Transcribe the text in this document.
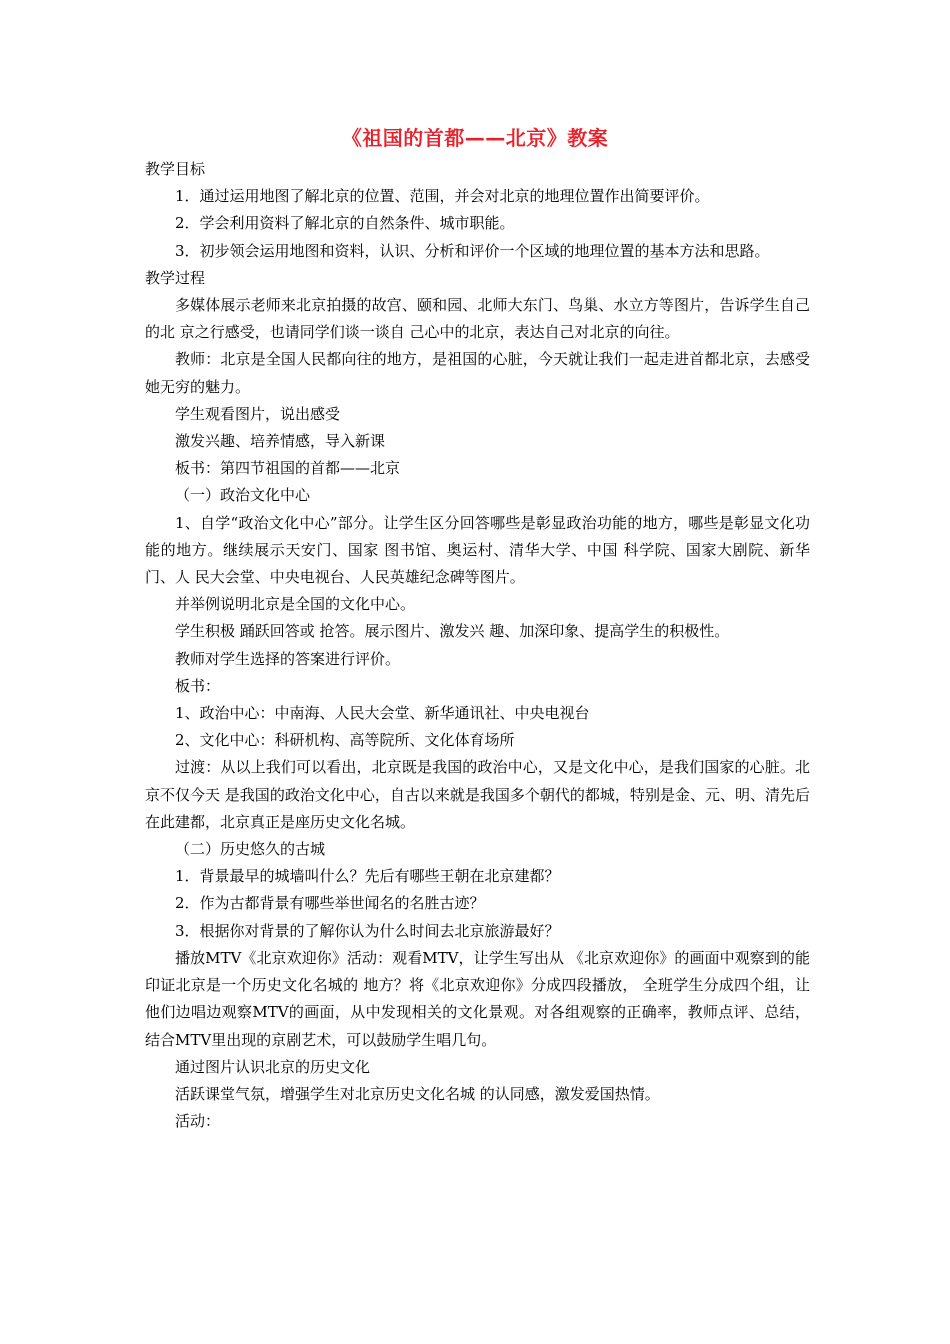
《祖国的首都——北京》教案

教学目标

1．通过运用地图了解北京的位置、范围，并会对北京的地理位置作出简要评价。

2．学会利用资料了解北京的自然条件、城市职能。

3．初步领会运用地图和资料，认识、分析和评价一个区域的地理位置的基本方法和思路。

教学过程

多媒体展示老师来北京拍摄的故宫、颐和园、北师大东门、鸟巢、水立方等图片，告诉学生自己的北 京之行感受，也请同学们谈一谈自 己心中的北京，表达自己对北京的向往。

教师：北京是全国人民都向往的地方，是祖国的心脏，今天就让我们一起走进首都北京，去感受她无穷的魅力。

学生观看图片，说出感受

激发兴趣、培养情感，导入新课

板书：第四节祖国的首都——北京

（一）政治文化中心

1、自学“政治文化中心”部分。让学生区分回答哪些是彰显政治功能的地方，哪些是彰显文化功能的地方。继续展示天安门、国家 图书馆、奥运村、清华大学、中国 科学院、国家大剧院、新华门、人 民大会堂、中央电视台、人民英雄纪念碑等图片。

并举例说明北京是全国的文化中心。

学生积极 踊跃回答或 抢答。展示图片、激发兴 趣、加深印象、提高学生的积极性。

教师对学生选择的答案进行评价。

板书：

1、政治中心：中南海、人民大会堂、新华通讯社、中央电视台

2、文化中心：科研机构、高等院所、文化体育场所

过渡：从以上我们可以看出，北京既是我国的政治中心，又是文化中心，是我们国家的心脏。北京不仅今天 是我国的政治文化中心，自古以来就是我国多个朝代的都城，特别是金、元、明、清先后在此建都，北京真正是座历史文化名城。

（二）历史悠久的古城

1．背景最早的城墙叫什么？先后有哪些王朝在北京建都？

2．作为古都背景有哪些举世闻名的名胜古迹？

3．根据你对背景的了解你认为什么时间去北京旅游最好？

播放MTV《北京欢迎你》活动：观看MTV，让学生写出从 《北京欢迎你》的画面中观察到的能印证北京是一个历史文化名城的 地方？将《北京欢迎你》分成四段播放， 全班学生分成四个组，让他们边唱边观察MTV的画面，从中发现相关的文化景观。对各组观察的正确率，教师点评、总结，结合MTV里出现的京剧艺术，可以鼓励学生唱几句。

通过图片认识北京的历史文化

活跃课堂气氛，增强学生对北京历史文化名城 的认同感，激发爱国热情。

活动：
